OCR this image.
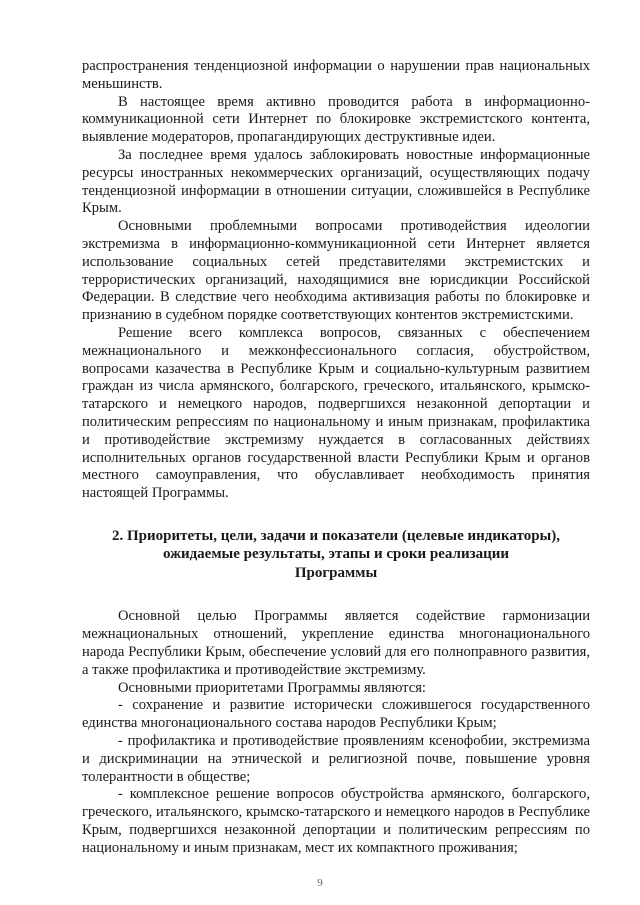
распространения тенденциозной информации о нарушении прав национальных меньшинств.

В настоящее время активно проводится работа в информационно-коммуникационной сети Интернет по блокировке экстремистского контента, выявление модераторов, пропагандирующих деструктивные идеи.

За последнее время удалось заблокировать новостные информационные ресурсы иностранных некоммерческих организаций, осуществляющих подачу тенденциозной информации в отношении ситуации, сложившейся в Республике Крым.

Основными проблемными вопросами противодействия идеологии экстремизма в информационно-коммуникационной сети Интернет является использование социальных сетей представителями экстремистских и террористических организаций, находящимися вне юрисдикции Российской Федерации. В следствие чего необходима активизация работы по блокировке и признанию в судебном порядке соответствующих контентов экстремистскими.

Решение всего комплекса вопросов, связанных с обеспечением межнационального и межконфессионального согласия, обустройством, вопросами казачества в Республике Крым и социально-культурным развитием граждан из числа армянского, болгарского, греческого, итальянского, крымско-татарского и немецкого народов, подвергшихся незаконной депортации и политическим репрессиям по национальному и иным признакам, профилактика и противодействие экстремизму нуждается в согласованных действиях исполнительных органов государственной власти Республики Крым и органов местного самоуправления, что обуславливает необходимость принятия настоящей Программы.

2. Приоритеты, цели, задачи и показатели (целевые индикаторы),
ожидаемые результаты, этапы и сроки реализации
Программы

Основной целью Программы является содействие гармонизации межнациональных отношений, укрепление единства многонационального народа Республики Крым, обеспечение условий для его полноправного развития, а также профилактика и противодействие экстремизму.

Основными приоритетами Программы являются:

- сохранение и развитие исторически сложившегося государственного единства многонационального состава народов Республики Крым;

- профилактика и противодействие проявлениям ксенофобии, экстремизма и дискриминации на этнической и религиозной почве, повышение уровня толерантности в обществе;

- комплексное решение вопросов обустройства армянского, болгарского, греческого, итальянского, крымско-татарского и немецкого народов в Республике Крым, подвергшихся незаконной депортации и политическим репрессиям по национальному и иным признакам, мест их компактного проживания;

9
